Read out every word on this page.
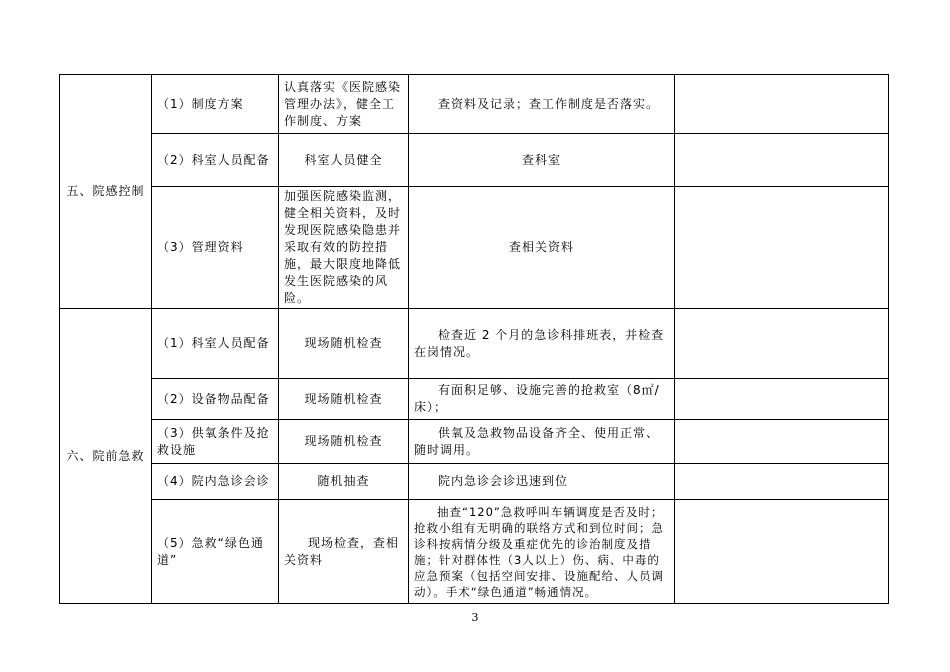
五、院感控制	（1）制度方案	认真落实《医院感染管理办法》，健全工作制度、方案	查资料及记录；查工作制度是否落实。	
	（2）科室人员配备	科室人员健全	查科室	
	（3）管理资料	加强医院感染监测，健全相关资料，及时发现医院感染隐患并采取有效的防控措施，最大限度地降低发生医院感染的风险。	查相关资料	
六、院前急救	（1）科室人员配备	现场随机检查	检查近 2 个月的急诊科排班表，并检查在岗情况。	
	（2）设备物品配备	现场随机检查	有面积足够、设施完善的抢救室（8㎡/床）；	
	（3）供氧条件及抢救设施	现场随机检查	供氧及急救物品设备齐全、使用正常、随时调用。	
	（4）院内急诊会诊	随机抽查	院内急诊会诊迅速到位	
	（5）急救“绿色通道”	现场检查，查相关资料	抽查“120”急救呼叫车辆调度是否及时；抢救小组有无明确的联络方式和到位时间；急诊科按病情分级及重症优先的诊治制度及措施；针对群体性（3人以上）伤、病、中毒的应急预案（包括空间安排、设施配给、人员调动）。手术“绿色通道”畅通情况。	
3
